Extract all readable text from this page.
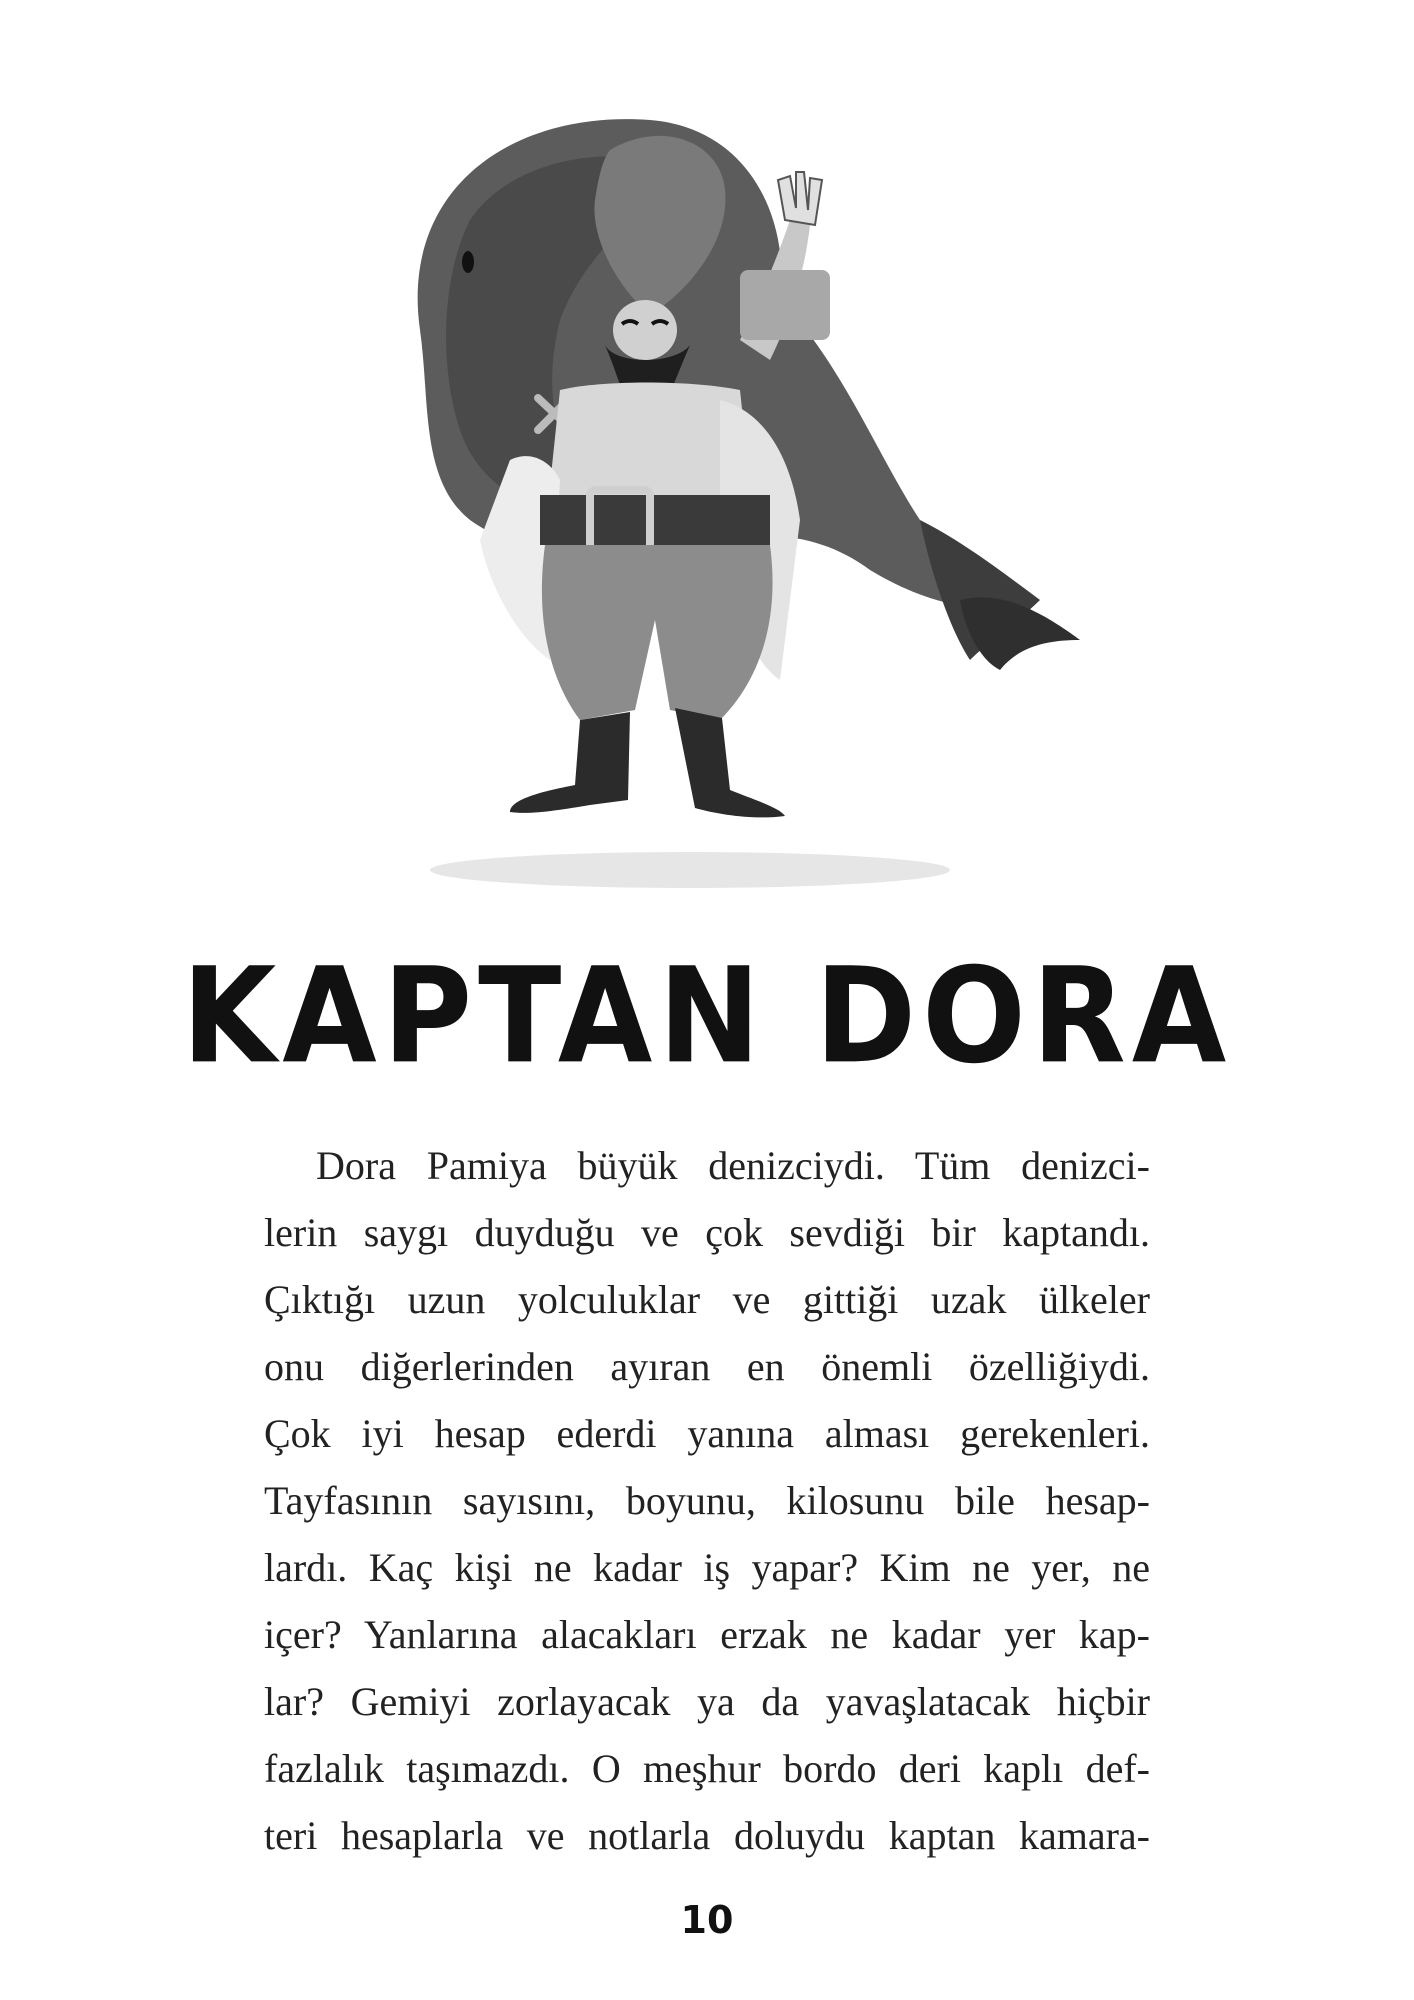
KAPTAN DORA
Dora Pamiya büyük denizciydi. Tüm denizci-
lerin saygı duyduğu ve çok sevdiği bir kaptandı.
Çıktığı uzun yolculuklar ve gittiği uzak ülkeler
onu diğerlerinden ayıran en önemli özelliğiydi.
Çok iyi hesap ederdi yanına alması gerekenleri.
Tayfasının sayısını, boyunu, kilosunu bile hesap-
lardı. Kaç kişi ne kadar iş yapar? Kim ne yer, ne
içer? Yanlarına alacakları erzak ne kadar yer kap-
lar? Gemiyi zorlayacak ya da yavaşlatacak hiçbir
fazlalık taşımazdı. O meşhur bordo deri kaplı def-
teri hesaplarla ve notlarla doluydu kaptan kamara-
10
